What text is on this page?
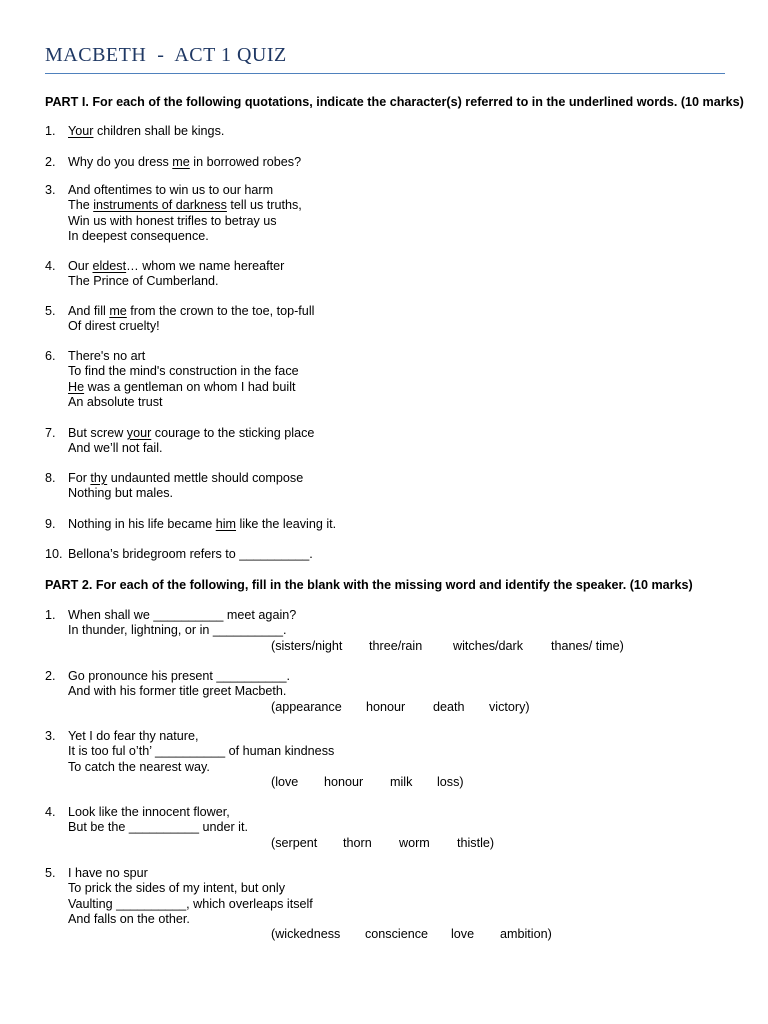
MACBETH  -  ACT 1 QUIZ
PART I. For each of the following quotations, indicate the character(s) referred to in the underlined words. (10 marks)
1. Your children shall be kings.
2. Why do you dress me in borrowed robes?
3. And oftentimes to win us to our harm
The instruments of darkness tell us truths,
Win us with honest trifles to betray us
In deepest consequence.
4. Our eldest… whom we name hereafter
The Prince of Cumberland.
5. And fill me from the crown to the toe, top-full
Of direst cruelty!
6. There's no art
To find the mind's construction in the face
He was a gentleman on whom I had built
An absolute trust
7. But screw your courage to the sticking place
And we’ll not fail.
8. For thy undaunted mettle should compose
Nothing but males.
9. Nothing in his life became him like the leaving it.
10. Bellona’s bridegroom refers to __________.
PART 2. For each of the following, fill in the blank with the missing word and identify the speaker. (10 marks)
1. When shall we __________ meet again?
In thunder, lightning, or in __________.
(sisters/night three/rain witches/dark thanes/ time)
2. Go pronounce his present __________.
And with his former title greet Macbeth.
(appearance honour death victory)
3. Yet I do fear thy nature,
It is too ful o’th’ __________ of human kindness
To catch the nearest way.
(love honour milk loss)
4. Look like the innocent flower,
But be the __________ under it.
(serpent thorn worm thistle)
5. I have no spur
To prick the sides of my intent, but only
Vaulting __________, which overleaps itself
And falls on the other.
(wickedness conscience love ambition)
